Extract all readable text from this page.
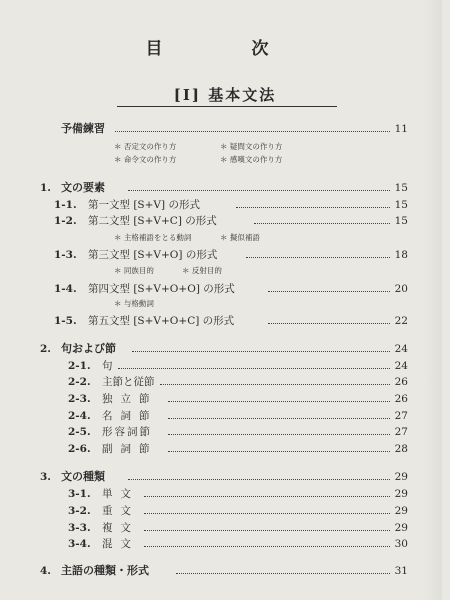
目　次
[I] 基本文法
予備練習	11
＊ 否定文の作り方	＊ 疑問文の作り方
＊ 命令文の作り方	＊ 感嘆文の作り方
1. 文の要素	15
1-1. 第一文型 [S+V] の形式	15
1-2. 第二文型 [S+V+C] の形式	15
＊ 主格補語をとる動詞	＊ 擬似補語
1-3. 第三文型 [S+V+O] の形式	18
＊ 同族目的	＊ 反射目的
1-4. 第四文型 [S+V+O+O] の形式	20
＊ 与格動詞
1-5. 第五文型 [S+V+O+C] の形式	22
2. 句および節	24
2-1. 句	24
2-2. 主節と従節	26
2-3. 独立節	26
2-4. 名詞節	27
2-5. 形容詞節	27
2-6. 副詞節	28
3. 文の種類	29
3-1. 単文	29
3-2. 重文	29
3-3. 複文	29
3-4. 混文	30
4. 主語の種類・形式	31
